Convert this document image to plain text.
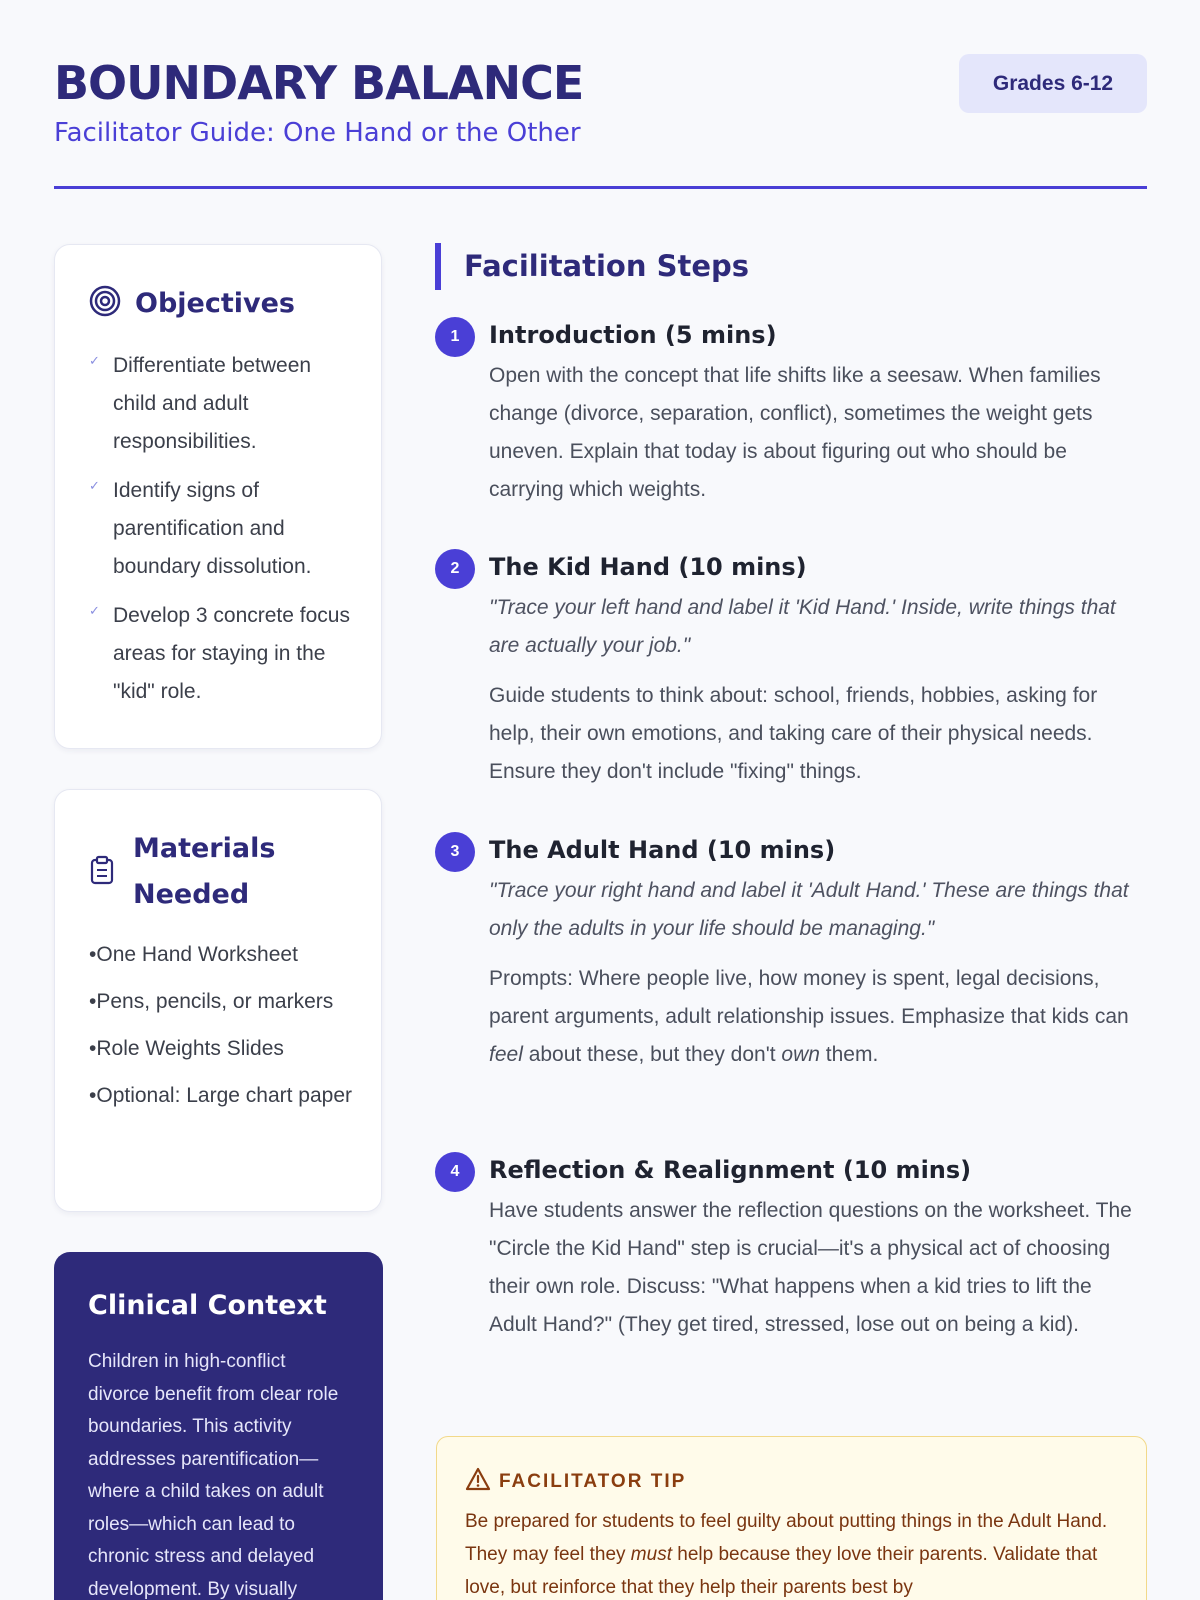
BOUNDARY BALANCE
Facilitator Guide: One Hand or the Other
Grades 6-12
Objectives
✓ Differentiate between child and adult responsibilities.
✓ Identify signs of parentification and boundary dissolution.
✓ Develop 3 concrete focus areas for staying in the "kid" role.
Materials Needed
• One Hand Worksheet
• Pens, pencils, or markers
• Role Weights Slides
• Optional: Large chart paper
Clinical Context
Children in high-conflict divorce benefit from clear role boundaries. This activity addresses parentification—where a child takes on adult roles—which can lead to chronic stress and delayed development. By visually
Facilitation Steps
1	Introduction (5 mins)
Open with the concept that life shifts like a seesaw. When families change (divorce, separation, conflict), sometimes the weight gets uneven. Explain that today is about figuring out who should be carrying which weights.
2	The Kid Hand (10 mins)
"Trace your left hand and label it 'Kid Hand.' Inside, write things that are actually your job."
Guide students to think about: school, friends, hobbies, asking for help, their own emotions, and taking care of their physical needs. Ensure they don't include "fixing" things.
3	The Adult Hand (10 mins)
"Trace your right hand and label it 'Adult Hand.' These are things that only the adults in your life should be managing."
Prompts: Where people live, how money is spent, legal decisions, parent arguments, adult relationship issues. Emphasize that kids can feel about these, but they don't own them.
4	Reflection & Realignment (10 mins)
Have students answer the reflection questions on the worksheet. The "Circle the Kid Hand" step is crucial—it's a physical act of choosing their own role. Discuss: "What happens when a kid tries to lift the Adult Hand?" (They get tired, stressed, lose out on being a kid).
FACILITATOR TIP
Be prepared for students to feel guilty about putting things in the Adult Hand. They may feel they must help because they love their parents. Validate that love, but reinforce that they help their parents best by
